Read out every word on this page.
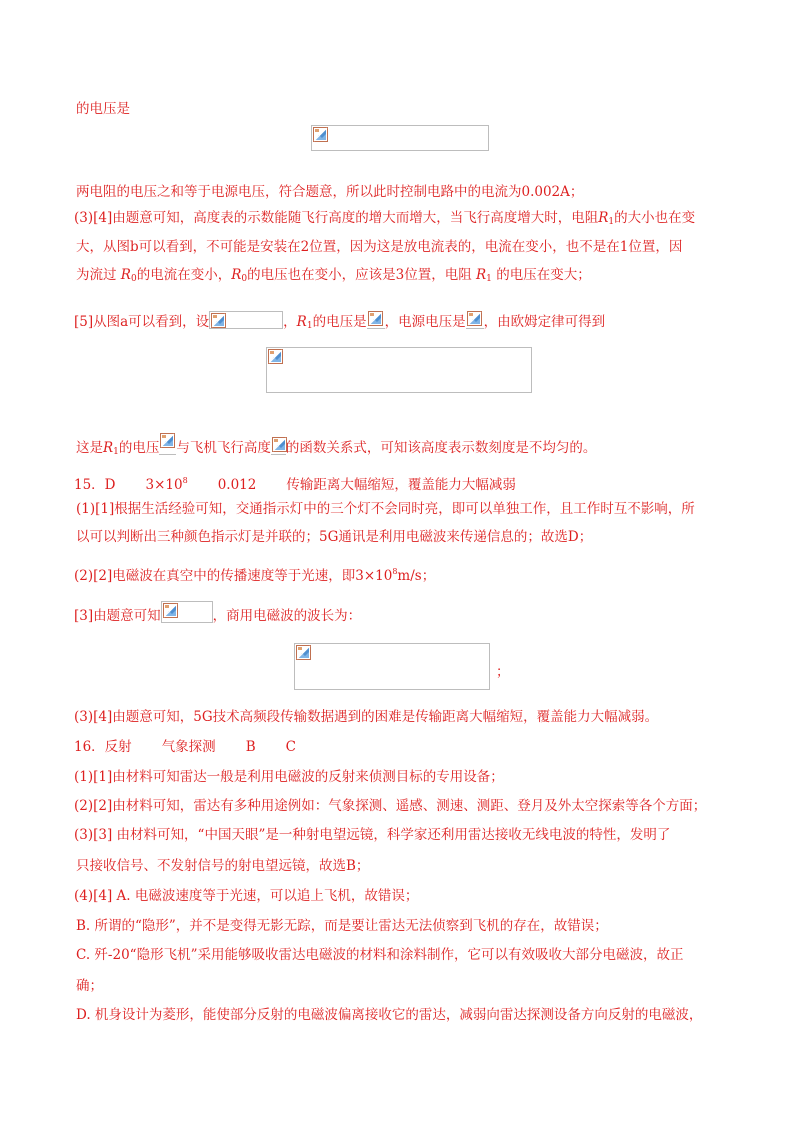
的电压是
两电阻的电压之和等于电源电压，符合题意，所以此时控制电路中的电流为0.002A；
(3)[4]由题意可知，高度表的示数能随飞行高度的增大而增大，当飞行高度增大时，电阻$R_1$的大小也在变
大，从图b可以看到，不可能是安装在2位置，因为这是放电流表的，电流在变小，也不是在1位置，因
为流过 $R_0$的电流在变小，$R_0$的电压也在变小，应该是3位置，电阻 $R_1$ 的电压在变大；
[5]从图a可以看到，设	，$R_1$的电压是 ，电源电压是 ，由欧姆定律可得到
这是$R_1$的电压 与飞机飞行高度 的函数关系式，可知该高度表示数刻度是不均匀的。
15．D $3\times 10^8$ 0.012 传输距离大幅缩短，覆盖能力大幅减弱
(1)[1]根据生活经验可知，交通指示灯中的三个灯不会同时亮，即可以单独工作，且工作时互不影响，所
以可以判断出三种颜色指示灯是并联的；5G通讯是利用电磁波来传递信息的；故选D；
(2)[2]电磁波在真空中的传播速度等于光速，即$3\times 10^8m/s$；
[3]由题意可知	，商用电磁波的波长为：
；
(3)[4]由题意可知，5G技术高频段传输数据遇到的困难是传输距离大幅缩短，覆盖能力大幅减弱。
16．反射 气象探测 B C
(1)[1]由材料可知雷达一般是利用电磁波的反射来侦测目标的专用设备；
(2)[2]由材料可知，雷达有多种用途例如：气象探测、遥感、测速、测距、登月及外太空探索等各个方面；
(3)[3] 由材料可知，“中国天眼”是一种射电望远镜，科学家还利用雷达接收无线电波的特性，发明了
只接收信号、不发射信号的射电望远镜，故选B；
(4)[4] A. 电磁波速度等于光速，可以追上飞机，故错误；
B. 所谓的“隐形”，并不是变得无影无踪，而是要让雷达无法侦察到飞机的存在，故错误；
C. 歼-20“隐形飞机”采用能够吸收雷达电磁波的材料和涂料制作，它可以有效吸收大部分电磁波，故正
确；
D. 机身设计为菱形，能使部分反射的电磁波偏离接收它的雷达，减弱向雷达探测设备方向反射的电磁波，
